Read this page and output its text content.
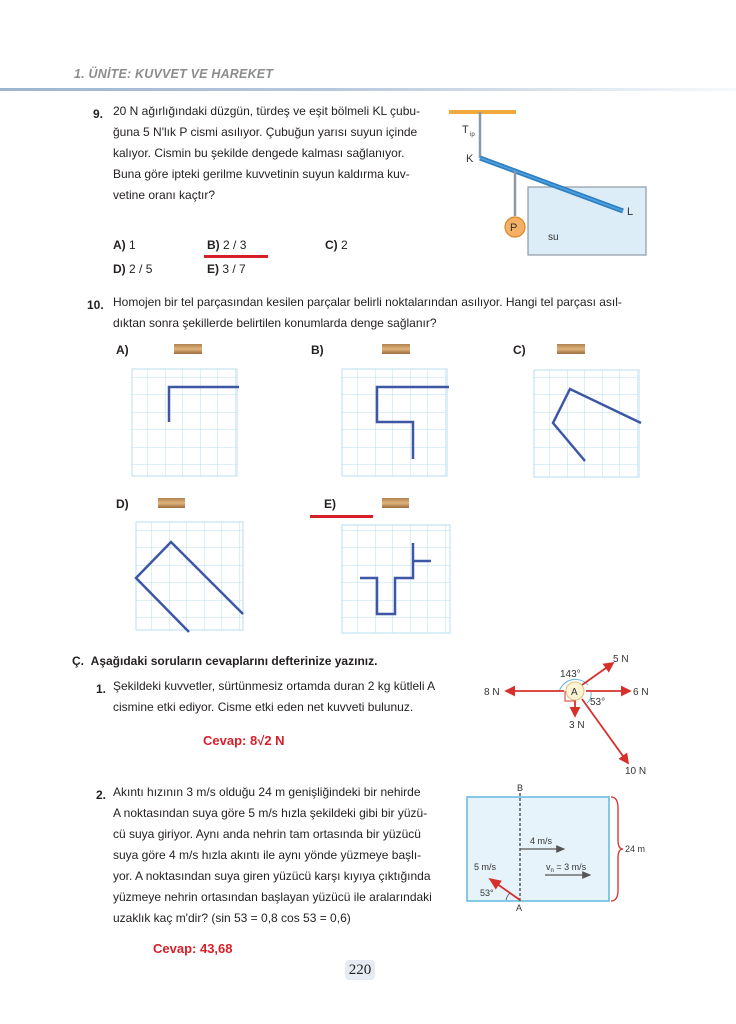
1. ÜNİTE: KUVVET VE HAREKET
9. 20 N ağırlığındaki düzgün, türdeş ve eşit bölmeli KL çubu-
ğuna 5 N'lık P cismi asılıyor. Çubuğun yarısı suyun içinde
kalıyor. Cismin bu şekilde dengede kalması sağlanıyor.
Buna göre ipteki gerilme kuvvetinin suyun kaldırma kuv-
vetine oranı kaçtır?
A) 1	B) 2 / 3	C) 2
D) 2 / 5	E) 3 / 7
P
T ip
K
L
su
10. Homojen bir tel parçasından kesilen parçalar belirli noktalarından asılıyor. Hangi tel parçası asıl-
dıktan sonra şekillerde belirtilen konumlarda denge sağlanır?
A)	B)	C)
D)	E)
Ç. Aşağıdaki soruların cevaplarını defterinize yazınız.
1. Şekildeki kuvvetler, sürtünmesiz ortamda duran 2 kg kütleli A
cismine etki ediyor. Cisme etki eden net kuvveti bulunuz.
Cevap: 8√2 N
A
5 N
8 N	6 N
3 N
10 N
143°
53°
2. Akıntı hızının 3 m/s olduğu 24 m genişliğindeki bir nehirde
A noktasından suya göre 5 m/s hızla şekildeki gibi bir yüzü-
cü suya giriyor. Aynı anda nehrin tam ortasında bir yüzücü
suya göre 4 m/s hızla akıntı ile aynı yönde yüzmeye başlı-
yor. A noktasından suya giren yüzücü karşı kıyıya çıktığında
yüzmeye nehrin ortasından başlayan yüzücü ile aralarındaki
uzaklık kaç m'dir? (sin 53 = 0,8 cos 53 = 0,6)
Cevap: 43,68
B
A
24 m
4 m/s
5 m/s
53°
$v_n = 3$ m/s
220
